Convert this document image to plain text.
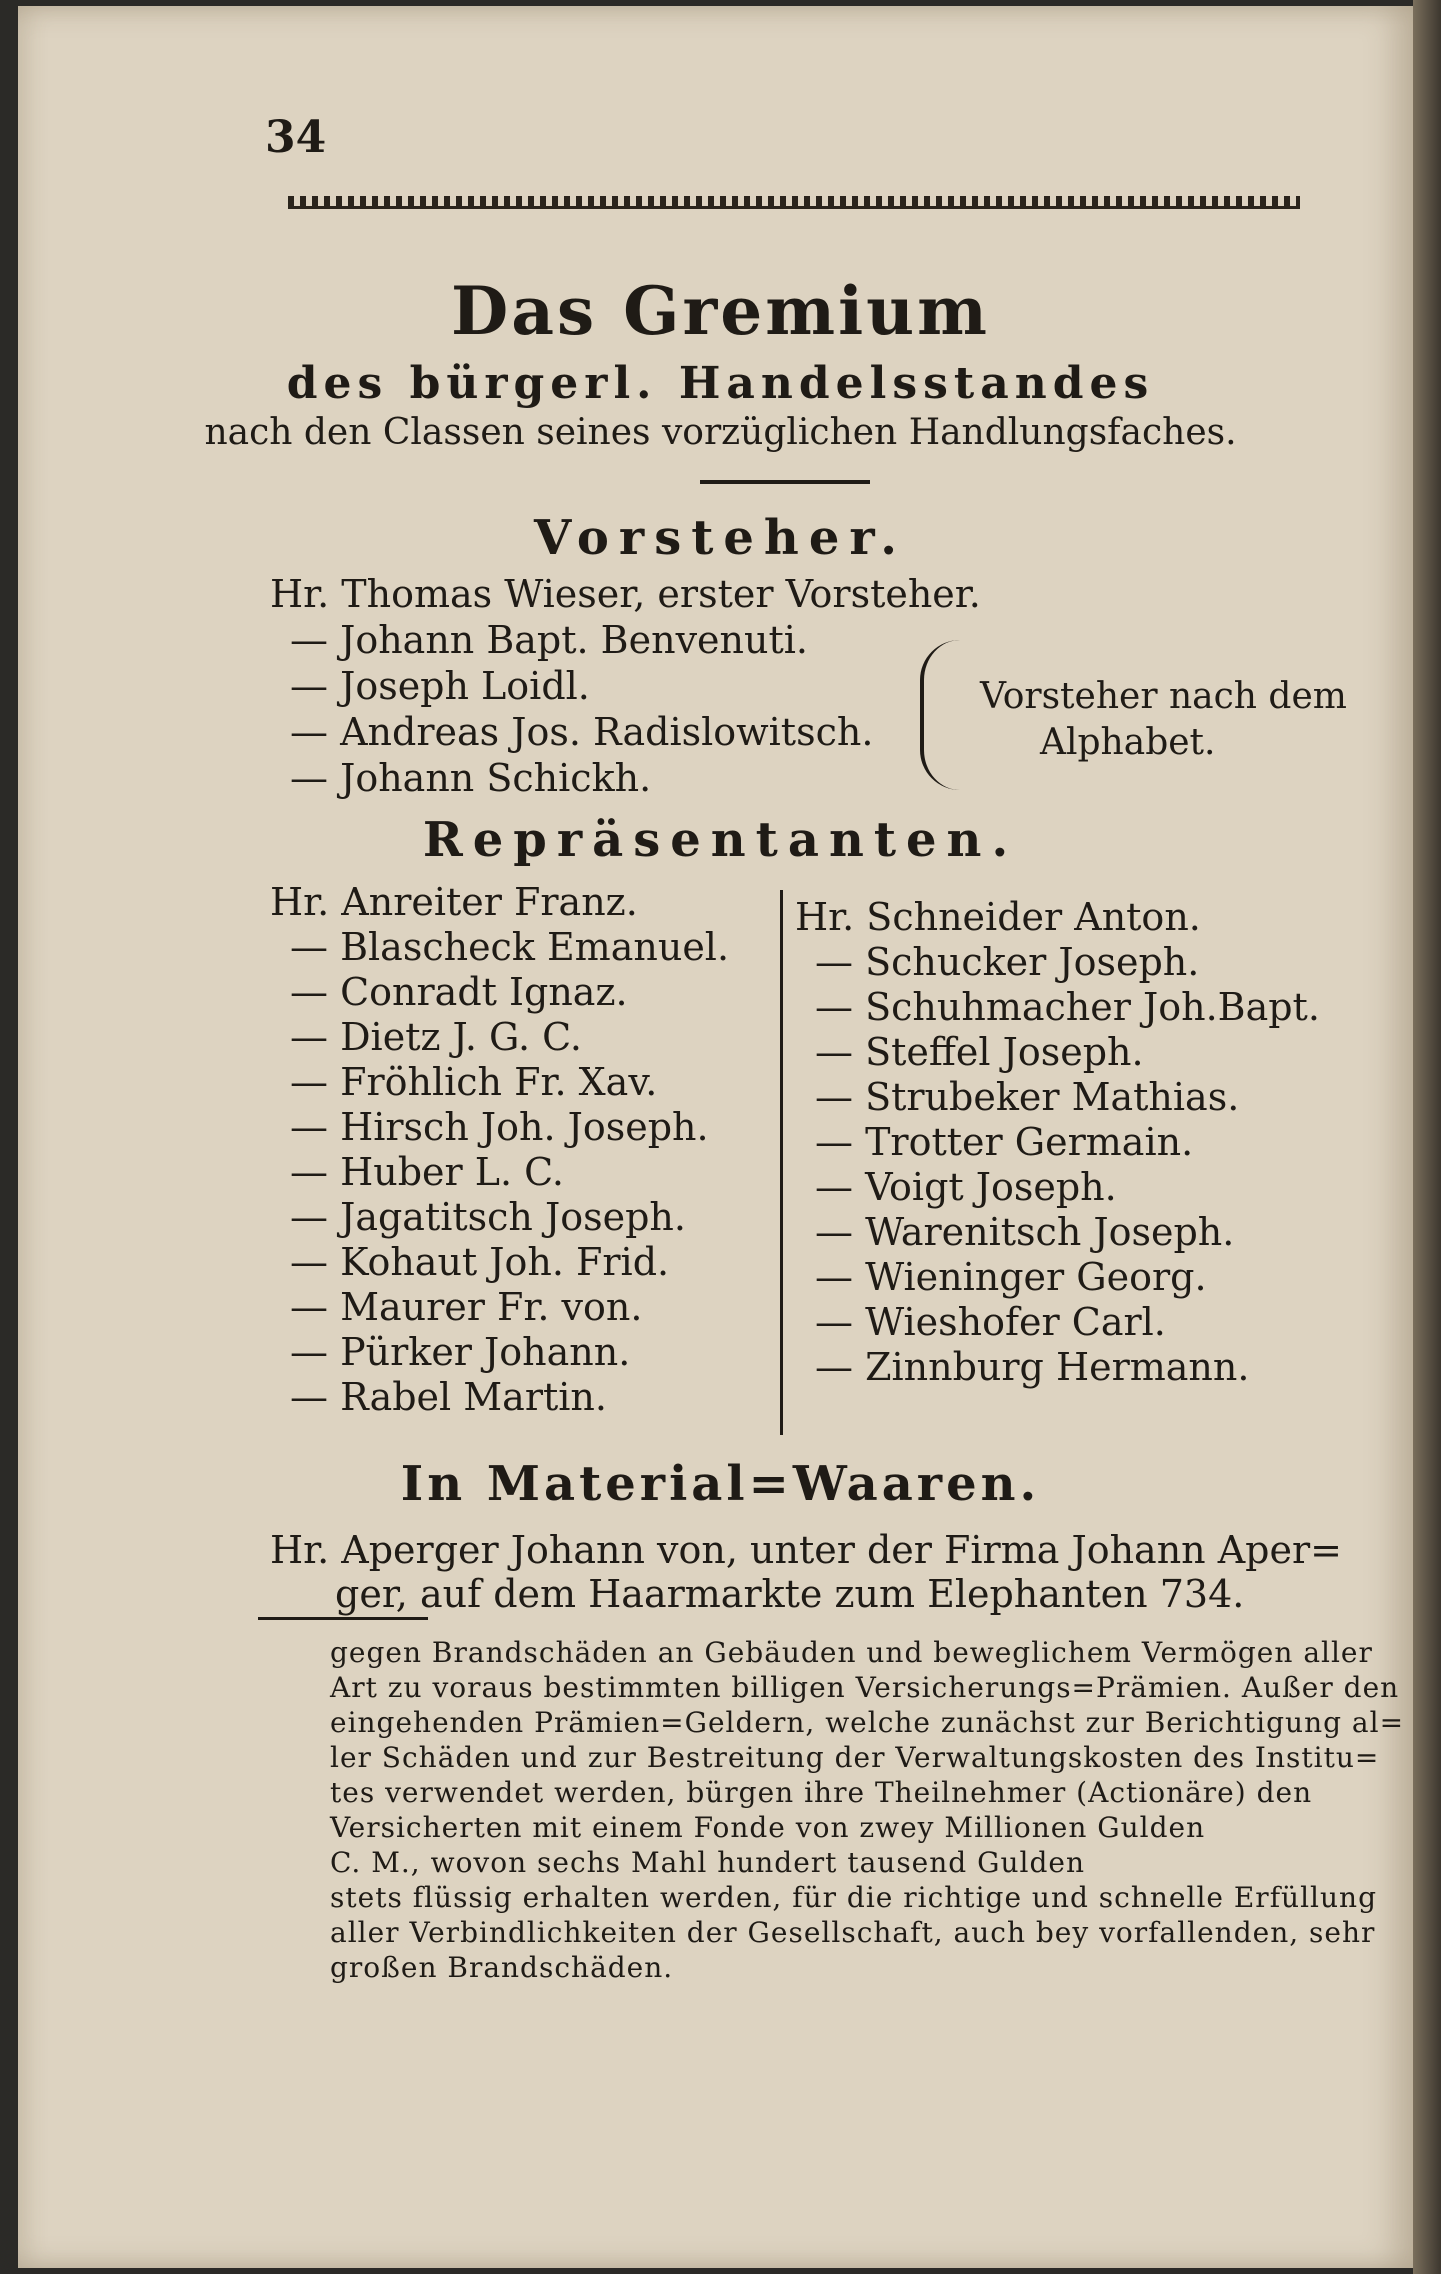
34
Das Gremium
des bürgerl. Handelsstandes
nach den Classen seines vorzüglichen Handlungsfaches.
Vorsteher.
Hr. Thomas Wieser, erster Vorsteher.
— Johann Bapt. Benvenuti.
— Joseph Loidl.
— Andreas Jos. Radislowitsch.
— Johann Schickh.
Vorsteher nach dem
Alphabet.
Repräsentanten.
Hr. Anreiter Franz.
— Blascheck Emanuel.
— Conradt Ignaz.
— Dietz J. G. C.
— Fröhlich Fr. Xav.
— Hirsch Joh. Joseph.
— Huber L. C.
— Jagatitsch Joseph.
— Kohaut Joh. Frid.
— Maurer Fr. von.
— Pürker Johann.
— Rabel Martin.
Hr. Schneider Anton.
— Schucker Joseph.
— Schuhmacher Joh.Bapt.
— Steffel Joseph.
— Strubeker Mathias.
— Trotter Germain.
— Voigt Joseph.
— Warenitsch Joseph.
— Wieninger Georg.
— Wieshofer Carl.
— Zinnburg Hermann.
In Material=Waaren.
Hr. Aperger Johann von, unter der Firma Johann Aper=
ger, auf dem Haarmarkte zum Elephanten 734.
gegen Brandschäden an Gebäuden und beweglichem Vermögen aller
Art zu voraus bestimmten billigen Versicherungs=Prämien. Außer den
eingehenden Prämien=Geldern, welche zunächst zur Berichtigung al=
ler Schäden und zur Bestreitung der Verwaltungskosten des Institu=
tes verwendet werden, bürgen ihre Theilnehmer (Actionäre) den
Versicherten mit einem Fonde von zwey Millionen Gulden
C. M., wovon sechs Mahl hundert tausend Gulden
stets flüssig erhalten werden, für die richtige und schnelle Erfüllung
aller Verbindlichkeiten der Gesellschaft, auch bey vorfallenden, sehr
großen Brandschäden.
